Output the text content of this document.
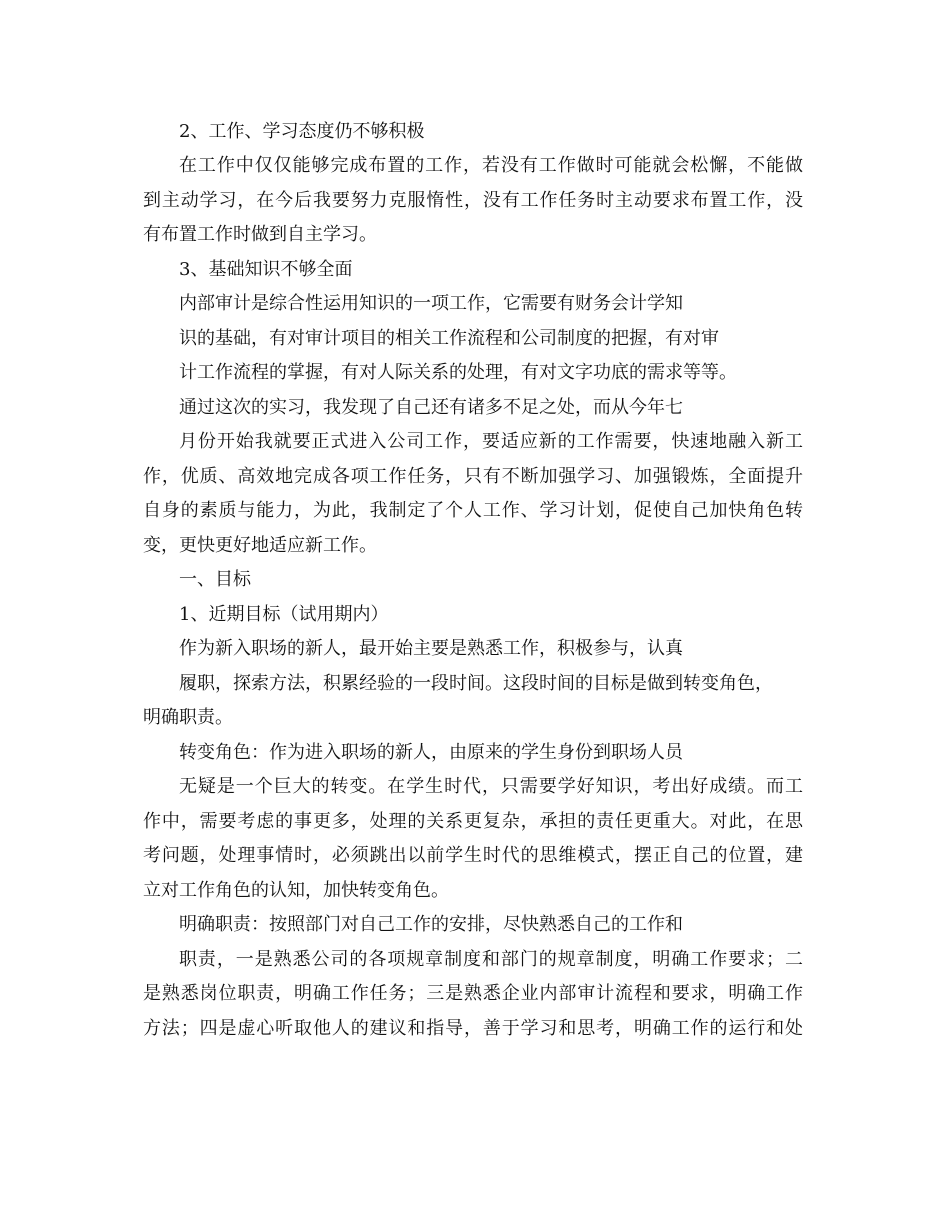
2、工作、学习态度仍不够积极
在工作中仅仅能够完成布置的工作，若没有工作做时可能就会松懈，不能做
到主动学习，在今后我要努力克服惰性，没有工作任务时主动要求布置工作，没
有布置工作时做到自主学习。
3、基础知识不够全面
内部审计是综合性运用知识的一项工作，它需要有财务会计学知
识的基础，有对审计项目的相关工作流程和公司制度的把握，有对审
计工作流程的掌握，有对人际关系的处理，有对文字功底的需求等等。
通过这次的实习，我发现了自己还有诸多不足之处，而从今年七
月份开始我就要正式进入公司工作，要适应新的工作需要，快速地融入新工
作，优质、高效地完成各项工作任务，只有不断加强学习、加强锻炼，全面提升
自身的素质与能力，为此，我制定了个人工作、学习计划，促使自己加快角色转
变，更快更好地适应新工作。
一、目标
1、近期目标（试用期内）
作为新入职场的新人，最开始主要是熟悉工作，积极参与，认真
履职，探索方法，积累经验的一段时间。这段时间的目标是做到转变角色，
明确职责。
转变角色：作为进入职场的新人，由原来的学生身份到职场人员
无疑是一个巨大的转变。在学生时代，只需要学好知识，考出好成绩。而工
作中，需要考虑的事更多，处理的关系更复杂，承担的责任更重大。对此，在思
考问题，处理事情时，必须跳出以前学生时代的思维模式，摆正自己的位置，建
立对工作角色的认知，加快转变角色。
明确职责：按照部门对自己工作的安排，尽快熟悉自己的工作和
职责，一是熟悉公司的各项规章制度和部门的规章制度，明确工作要求；二
是熟悉岗位职责，明确工作任务；三是熟悉企业内部审计流程和要求，明确工作
方法；四是虚心听取他人的建议和指导，善于学习和思考，明确工作的运行和处
